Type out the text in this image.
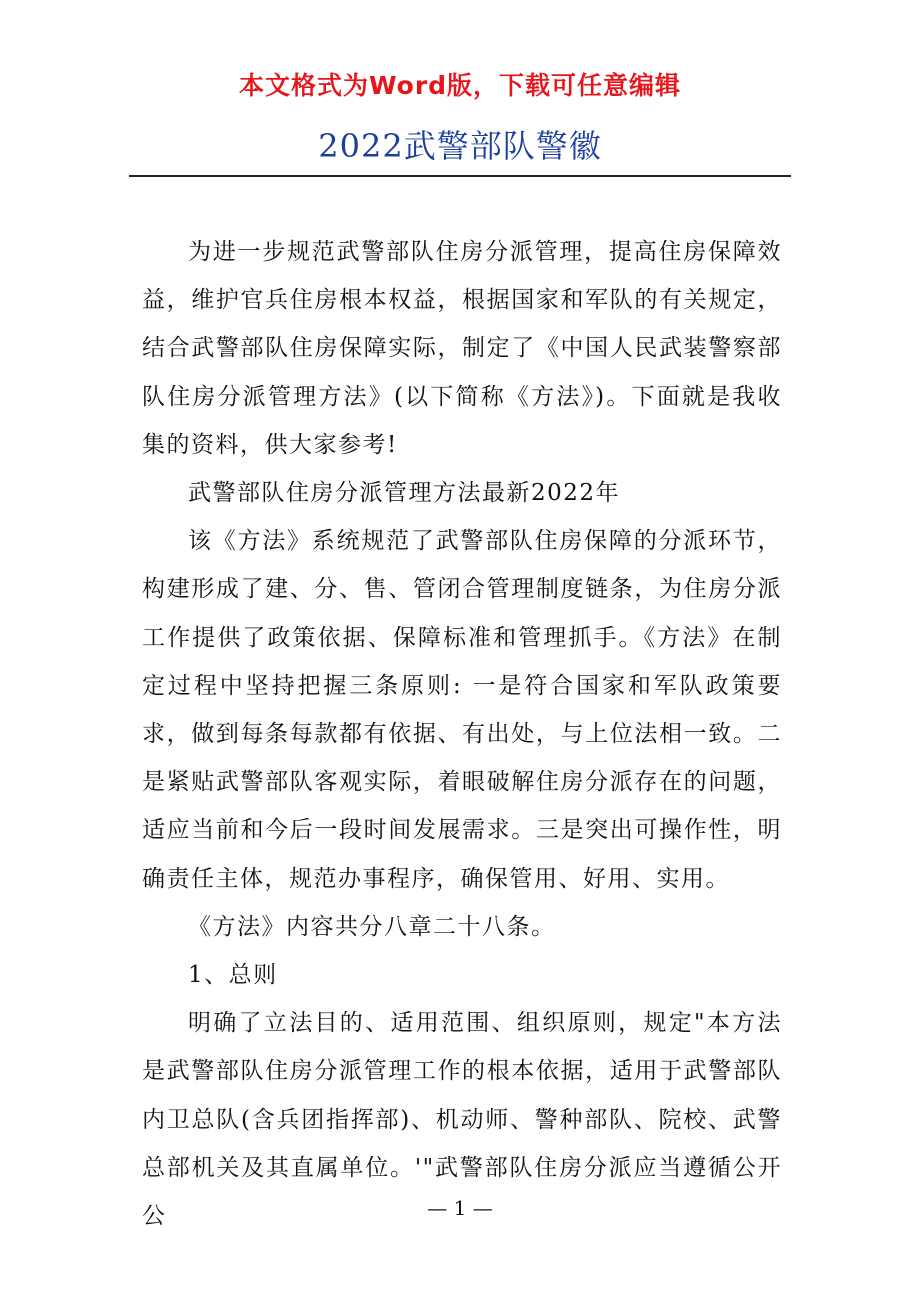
本文格式为Word版，下载可任意编辑
2022武警部队警徽

为进一步规范武警部队住房分派管理，提高住房保障效益，维护官兵住房根本权益，根据国家和军队的有关规定，结合武警部队住房保障实际，制定了《中国人民武装警察部队住房分派管理方法》(以下简称《方法》)。下面就是我收集的资料，供大家参考!

武警部队住房分派管理方法最新2022年

该《方法》系统规范了武警部队住房保障的分派环节，构建形成了建、分、售、管闭合管理制度链条，为住房分派工作提供了政策依据、保障标准和管理抓手。《方法》在制定过程中坚持把握三条原则: 一是符合国家和军队政策要求，做到每条每款都有依据、有出处，与上位法相一致。二是紧贴武警部队客观实际，着眼破解住房分派存在的问题，适应当前和今后一段时间发展需求。三是突出可操作性，明确责任主体，规范办事程序，确保管用、好用、实用。

《方法》内容共分八章二十八条。

1、总则

明确了立法目的、适用范围、组织原则，规定"本方法是武警部队住房分派管理工作的根本依据，适用于武警部队内卫总队(含兵团指挥部)、机动师、警种部队、院校、武警总部机关及其直属单位。'"武警部队住房分派应当遵循公开公	— 1 —
